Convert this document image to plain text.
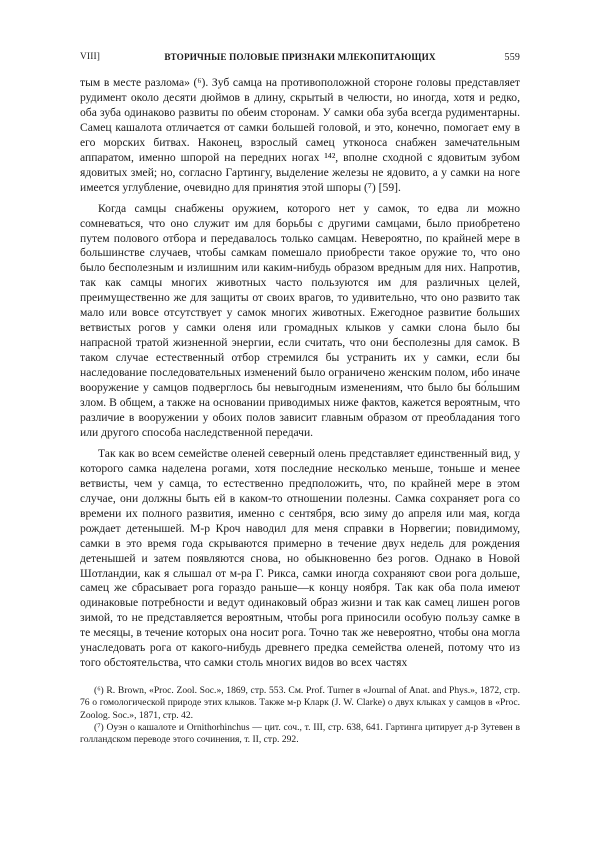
VIII]	ВТОРИЧНЫЕ ПОЛОВЫЕ ПРИЗНАКИ МЛЕКОПИТАЮЩИХ	559

тым в месте разлома» (⁶). Зуб самца на противоположной стороне головы представляет рудимент около десяти дюймов в длину, скрытый в челюсти, но иногда, хотя и редко, оба зуба одинаково развиты по обеим сторонам. У самки оба зуба всегда рудиментарны. Самец кашалота отличается от самки большей головой, и это, конечно, помогает ему в его морских битвах. Наконец, взрослый самец утконоса снабжен замечательным аппаратом, именно шпорой на передних ногах ¹⁴², вполне сходной с ядовитым зубом ядовитых змей; но, согласно Гартингу, выделение железы не ядовито, а у самки на ноге имеется углубление, очевидно для принятия этой шпоры (⁷) [59].

Когда самцы снабжены оружием, которого нет у самок, то едва ли можно сомневаться, что оно служит им для борьбы с другими самцами, было приобретено путем полового отбора и передавалось только самцам. Невероятно, по крайней мере в большинстве случаев, чтобы самкам помешало приобрести такое оружие то, что оно было бесполезным и излишним или каким-нибудь образом вредным для них. Напротив, так как самцы многих животных часто пользуются им для различных целей, преимущественно же для защиты от своих врагов, то удивительно, что оно развито так мало или вовсе отсутствует у самок многих животных. Ежегодное развитие больших ветвистых рогов у самки оленя или громадных клыков у самки слона было бы напрасной тратой жизненной энергии, если считать, что они бесполезны для самок. В таком случае естественный отбор стремился бы устранить их у самки, если бы наследование последовательных изменений было ограничено женским полом, ибо иначе вооружение у самцов подверглось бы невыгодным изменениям, что было бы бо́льшим злом. В общем, а также на основании приводимых ниже фактов, кажется вероятным, что различие в вооружении у обоих полов зависит главным образом от преобладания того или другого способа наследственной передачи.

Так как во всем семействе оленей северный олень представляет единственный вид, у которого самка наделена рогами, хотя последние несколько меньше, тоньше и менее ветвисты, чем у самца, то естественно предположить, что, по крайней мере в этом случае, они должны быть ей в каком-то отношении полезны. Самка сохраняет рога со времени их полного развития, именно с сентября, всю зиму до апреля или мая, когда рождает детенышей. М-р Кроч наводил для меня справки в Норвегии; повидимому, самки в это время года скрываются примерно в течение двух недель для рождения детенышей и затем появляются снова, но обыкновенно без рогов. Однако в Новой Шотландии, как я слышал от м-ра Г. Рикса, самки иногда сохраняют свои рога дольше, самец же сбрасывает рога гораздо раньше—к концу ноября. Так как оба пола имеют одинаковые потребности и ведут одинаковый образ жизни и так как самец лишен рогов зимой, то не представляется вероятным, чтобы рога приносили особую пользу самке в те месяцы, в течение которых она носит рога. Точно так же невероятно, чтобы она могла унаследовать рога от какого-нибудь древнего предка семейства оленей, потому что из того обстоятельства, что самки столь многих видов во всех частях

(⁶) R. Brown, «Proc. Zool. Soc.», 1869, стр. 553. См. Prof. Turner в «Journal of Anat. and Phys.», 1872, стр. 76 о гомологической природе этих клыков. Также м-р Кларк (J. W. Clarke) о двух клыках у самцов в «Proc. Zoolog. Soc.», 1871, стр. 42.

(⁷) Оуэн о кашалоте и Ornithorhinchus — цит. соч., т. III, стр. 638, 641. Гартинга цитирует д-р Зутевен в голландском переводе этого сочинения, т. II, стр. 292.
